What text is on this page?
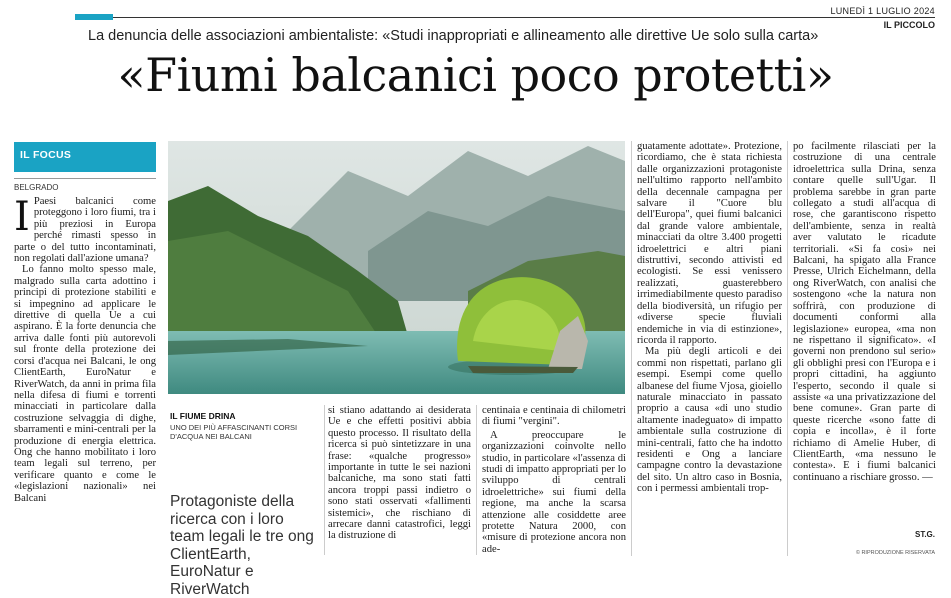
LUNEDÌ 1 LUGLIO 2024
IL PICCOLO
La denuncia delle associazioni ambientaliste: «Studi inappropriati e allineamento alle direttive Ue solo sulla carta»
«Fiumi balcanici poco protetti»
IL FOCUS
BELGRADO

I Paesi balcanici come proteggono i loro fiumi, tra i più preziosi in Europa perché rimasti spesso in parte o del tutto incontaminati, non regolati dall'azione umana?

Lo fanno molto spesso male, malgrado sulla carta adottino i principi di protezione stabiliti e si impegnino ad applicare le direttive di quella Ue a cui aspirano. È la forte denuncia che arriva dalle fonti più autorevoli sul fronte della protezione dei corsi d'acqua nei Balcani, le ong ClientEarth, EuroNatur e RiverWatch, da anni in prima fila nella difesa di fiumi e torrenti minacciati in particolare dalla costruzione selvaggia di dighe, sbarramenti e mini-centrali per la produzione di energia elettrica. Ong che hanno mobilitato i loro team legali sul terreno, per verificare quanto e come le «legislazioni nazionali» nei Balcani

IL FIUME DRINA
UNO DEI PIÙ AFFASCINANTI CORSI D'ACQUA NEI BALCANI
Protagoniste della ricerca con i loro team legali le tre ong ClientEarth, EuroNatur e RiverWatch

si stiano adattando ai desiderata Ue e che effetti positivi abbia questo processo. Il risultato della ricerca si può sintetizzare in una frase: «qualche progresso» importante in tutte le sei nazioni balcaniche, ma sono stati fatti ancora troppi passi indietro o sono stati osservati «fallimenti sistemici», che rischiano di arrecare danni catastrofici, leggi la distruzione di

centinaia e centinaia di chilometri di fiumi "vergini".

A preoccupare le organizzazioni coinvolte nello studio, in particolare «l'assenza di studi di impatto appropriati per lo sviluppo di centrali idroelettriche» sui fiumi della regione, ma anche la scarsa attenzione alle cosiddette aree protette Natura 2000, con «misure di protezione ancora non ade-

guatamente adottate». Protezione, ricordiamo, che è stata richiesta dalle organizzazioni protagoniste nell'ultimo rapporto nell'ambito della decennale campagna per salvare il "Cuore blu dell'Europa", quei fiumi balcanici dal grande valore ambientale, minacciati da oltre 3.400 progetti idroelettrici e altri piani distruttivi, secondo attivisti ed ecologisti. Se essi venissero realizzati, guasterebbero irrimediabilmente questo paradiso della biodiversità, un rifugio per «diverse specie fluviali endemiche in via di estinzione», ricorda il rapporto.

Ma più degli articoli e dei commi non rispettati, parlano gli esempi. Esempi come quello albanese del fiume Vjosa, gioiello naturale minacciato in passato proprio a causa «di uno studio altamente inadeguato» di impatto ambientale sulla costruzione di mini-centrali, fatto che ha indotto residenti e Ong a lanciare campagne contro la devastazione del sito. Un altro caso in Bosnia, con i permessi ambientali trop-

po facilmente rilasciati per la costruzione di una centrale idroelettrica sulla Drina, senza contare quelle sull'Ugar. Il problema sarebbe in gran parte collegato a studi all'acqua di rose, che garantiscono rispetto dell'ambiente, senza in realtà aver valutato le ricadute territoriali. «Si fa così» nei Balcani, ha spigato alla France Presse, Ulrich Eichelmann, della ong RiverWatch, con analisi che sostengono «che la natura non soffrirà, con produzione di documenti conformi alla legislazione» europea, «ma non ne rispettano il significato». «I governi non prendono sul serio» gli obblighi presi con l'Europa e i propri cittadini, ha aggiunto l'esperto, secondo il quale si assiste «a una privatizzazione del bene comune». Gran parte di queste ricerche «sono fatte di copia e incolla», è il forte richiamo di Amelie Huber, di ClientEarth, «ma nessuno le contesta». E i fiumi balcanici continuano a rischiare grosso. —

ST.G.
© RIPRODUZIONE RISERVATA
